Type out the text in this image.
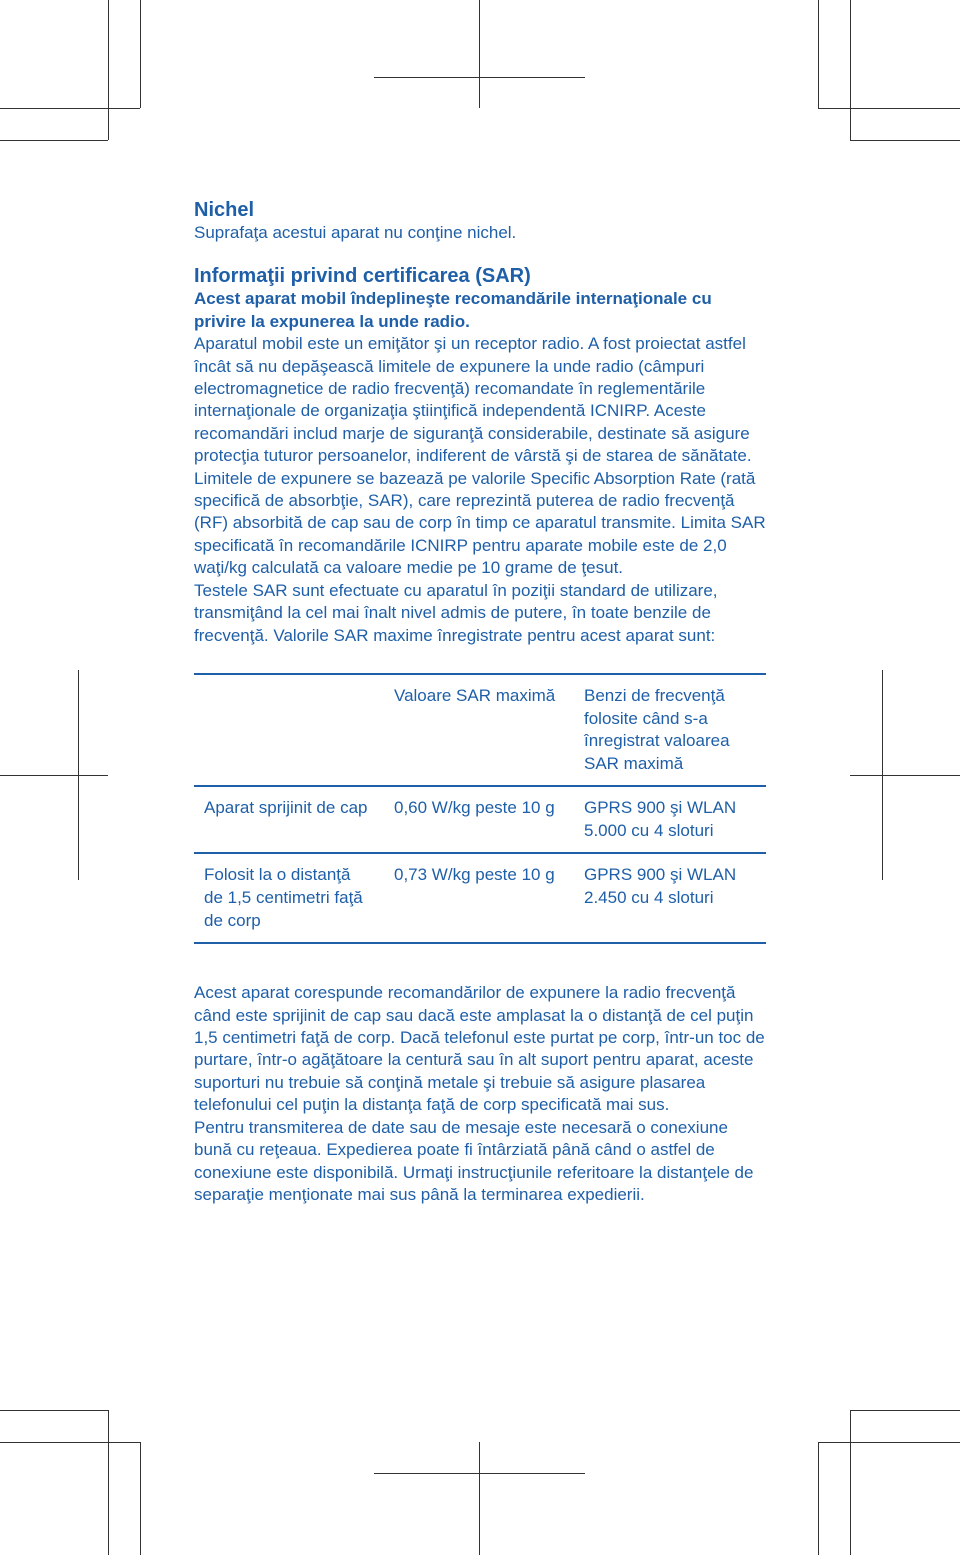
Nichel

Suprafaţa acestui aparat nu conţine nichel.

Informaţii privind certificarea (SAR)

Acest aparat mobil îndeplineşte recomandările internaţionale cu privire la expunerea la unde radio.

Aparatul mobil este un emiţător şi un receptor radio. A fost proiectat astfel încât să nu depăşească limitele de expunere la unde radio (câmpuri electromagnetice de radio frecvenţă) recomandate în reglementările internaţionale de organizaţia ştiinţifică independentă ICNIRP. Aceste recomandări includ marje de siguranţă considerabile, destinate să asigure protecţia tuturor persoanelor, indiferent de vârstă şi de starea de sănătate.

Limitele de expunere se bazează pe valorile Specific Absorption Rate (rată specifică de absorbţie, SAR), care reprezintă puterea de radio frecvenţă (RF) absorbită de cap sau de corp în timp ce aparatul transmite. Limita SAR specificată în recomandările ICNIRP pentru aparate mobile este de 2,0 waţi/kg calculată ca valoare medie pe 10 grame de ţesut.

Testele SAR sunt efectuate cu aparatul în poziţii standard de utilizare, transmiţând la cel mai înalt nivel admis de putere, în toate benzile de frecvenţă. Valorile SAR maxime înregistrate pentru acest aparat sunt:

	Valoare SAR maximă	Benzi de frecvenţă folosite când s-a înregistrat valoarea SAR maximă
Aparat sprijinit de cap	0,60 W/kg peste 10 g	GPRS 900 şi WLAN 5.000 cu 4 sloturi
Folosit la o distanţă de 1,5 centimetri faţă de corp	0,73 W/kg peste 10 g	GPRS 900 şi WLAN 2.450 cu 4 sloturi

Acest aparat corespunde recomandărilor de expunere la radio frecvenţă când este sprijinit de cap sau dacă este amplasat la o distanţă de cel puţin 1,5 centimetri faţă de corp. Dacă telefonul este purtat pe corp, într-un toc de purtare, într-o agăţătoare la centură sau în alt suport pentru aparat, aceste suporturi nu trebuie să conţină metale şi trebuie să asigure plasarea telefonului cel puţin la distanţa faţă de corp specificată mai sus.

Pentru transmiterea de date sau de mesaje este necesară o conexiune bună cu reţeaua. Expedierea poate fi întârziată până când o astfel de conexiune este disponibilă. Urmaţi instrucţiunile referitoare la distanţele de separaţie menţionate mai sus până la terminarea expedierii.
